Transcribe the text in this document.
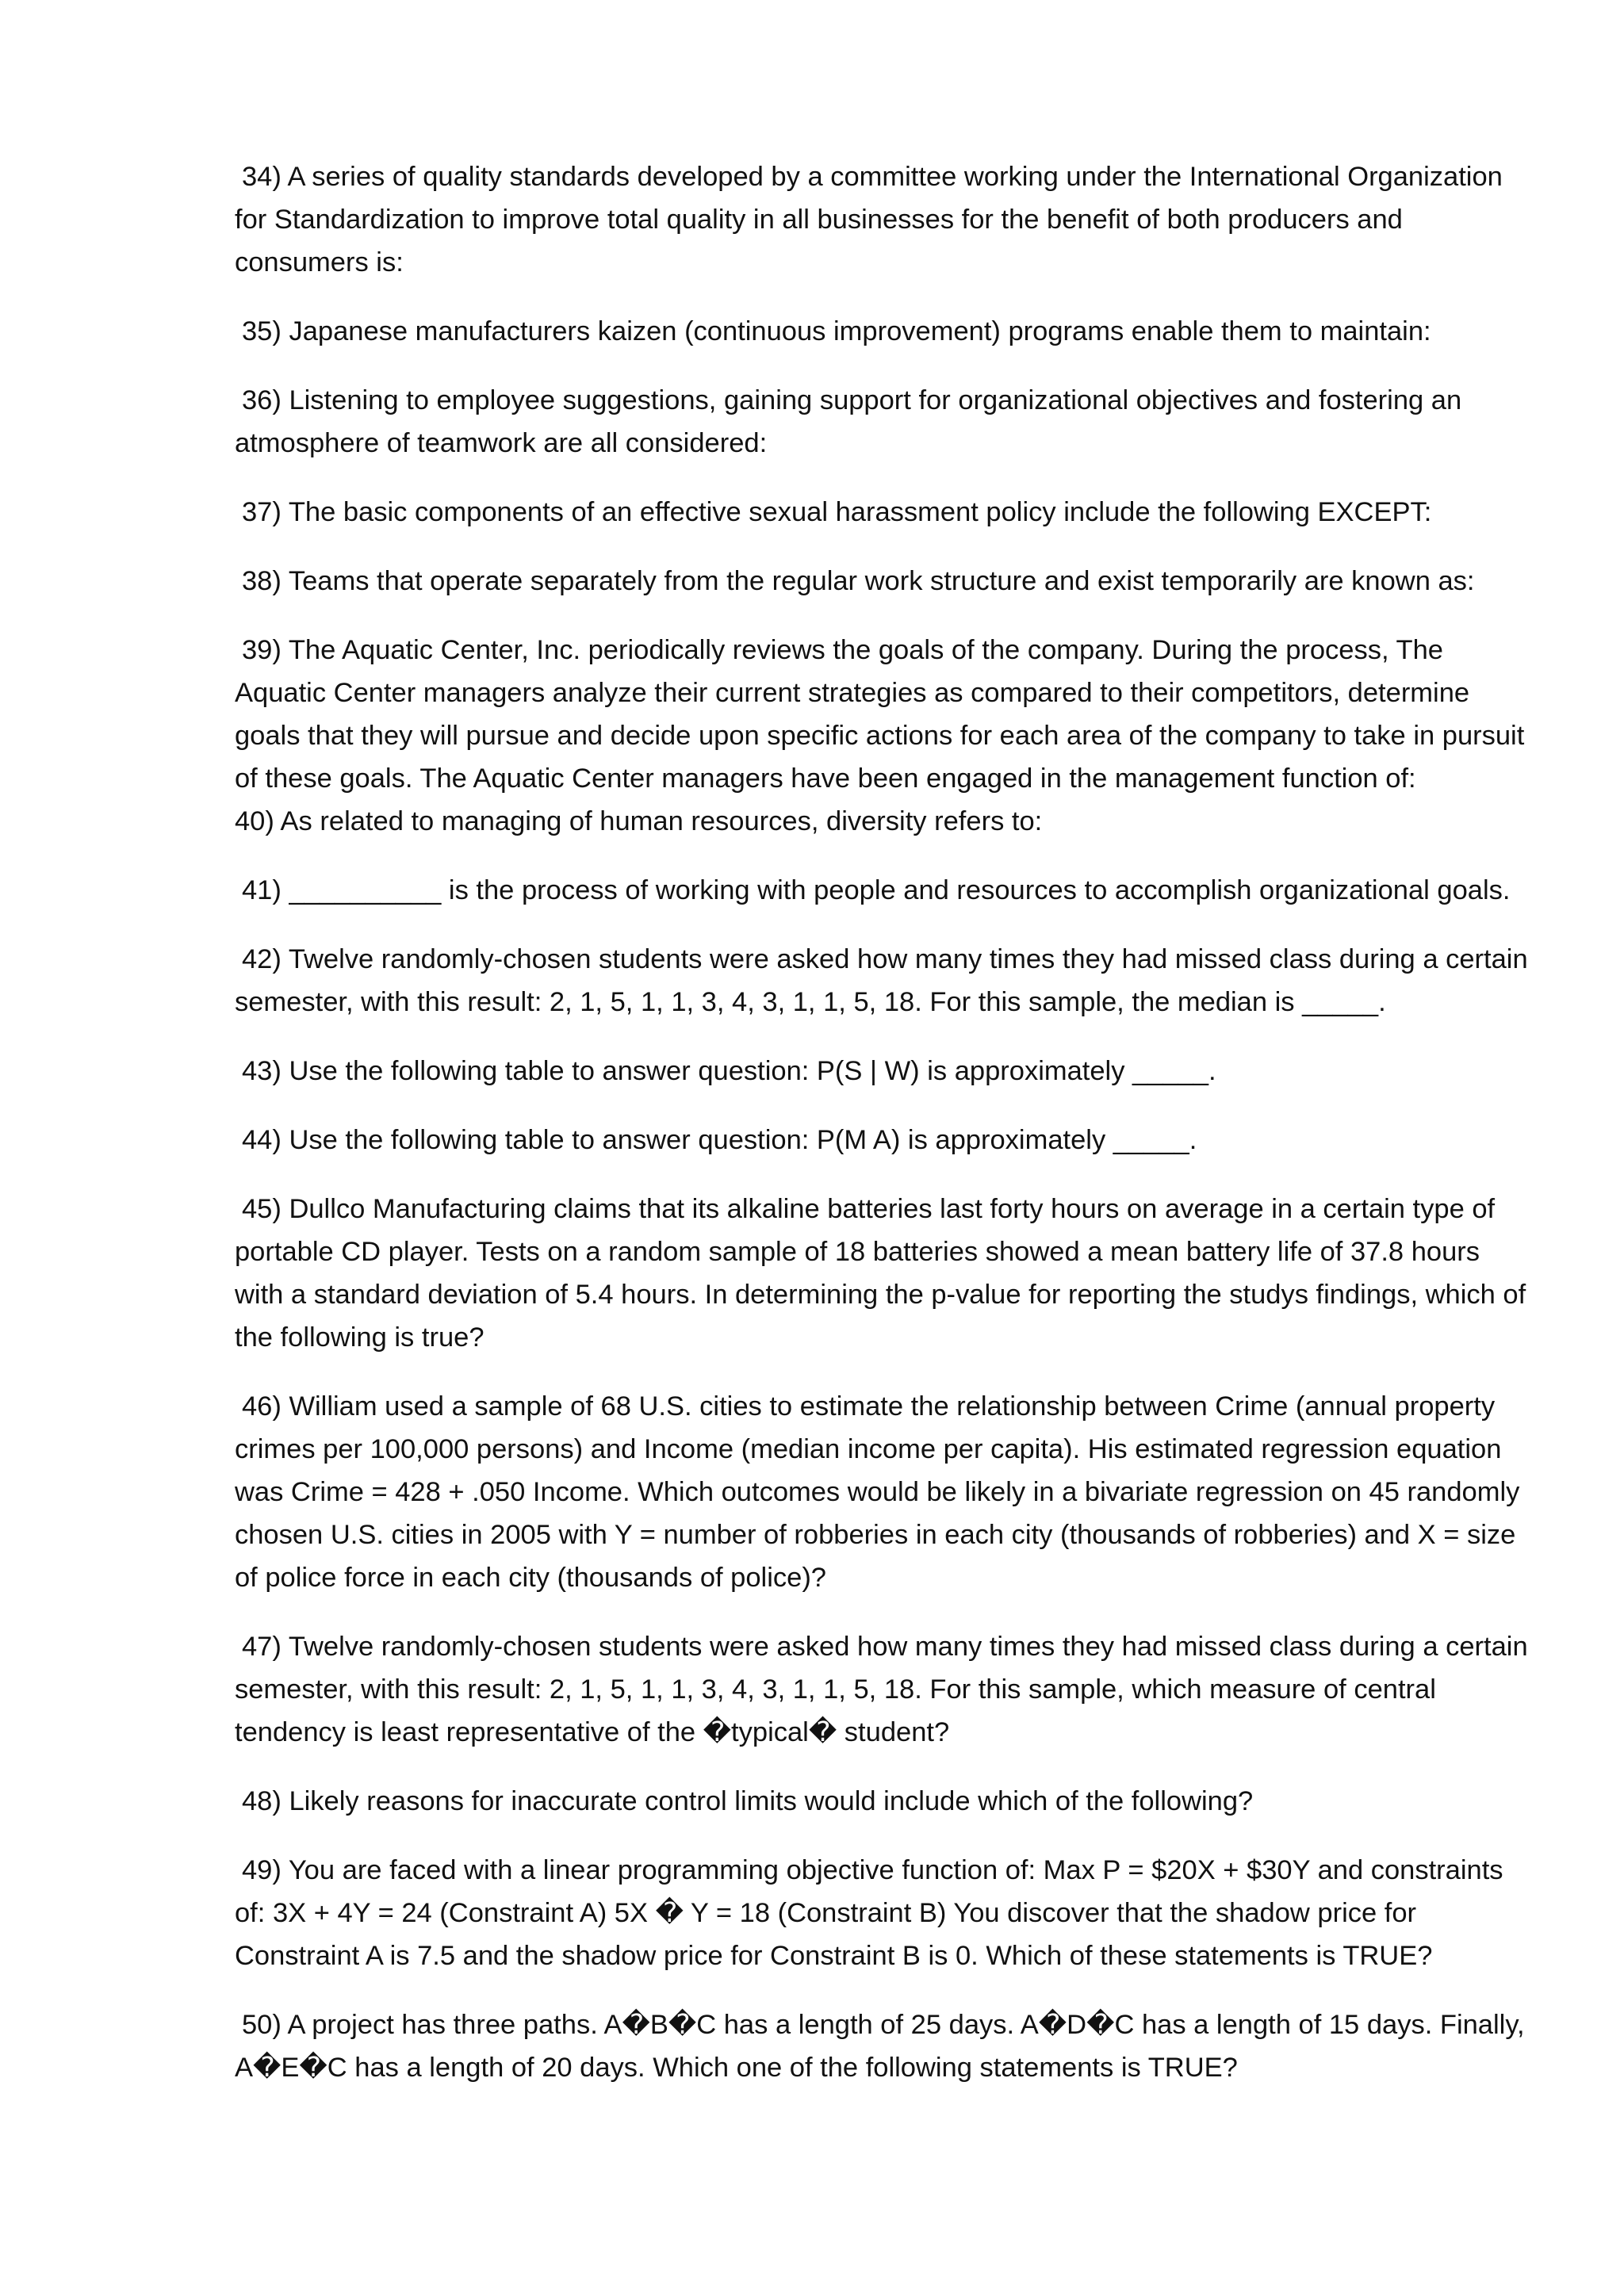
34) A series of quality standards developed by a committee working under the International Organization for Standardization to improve total quality in all businesses for the benefit of both producers and consumers is:

35) Japanese manufacturers kaizen (continuous improvement) programs enable them to maintain:

36) Listening to employee suggestions, gaining support for organizational objectives and fostering an atmosphere of teamwork are all considered:

37) The basic components of an effective sexual harassment policy include the following EXCEPT:

38) Teams that operate separately from the regular work structure and exist temporarily are known as:

39) The Aquatic Center, Inc. periodically reviews the goals of the company. During the process, The Aquatic Center managers analyze their current strategies as compared to their competitors, determine goals that they will pursue and decide upon specific actions for each area of the company to take in pursuit of these goals. The Aquatic Center managers have been engaged in the management function of:

40) As related to managing of human resources, diversity refers to:

41) __________ is the process of working with people and resources to accomplish organizational goals.

42) Twelve randomly-chosen students were asked how many times they had missed class during a certain semester, with this result: 2, 1, 5, 1, 1, 3, 4, 3, 1, 1, 5, 18. For this sample, the median is _____.

43) Use the following table to answer question: P(S | W) is approximately _____.

44) Use the following table to answer question: P(M A) is approximately _____.

45) Dullco Manufacturing claims that its alkaline batteries last forty hours on average in a certain type of portable CD player. Tests on a random sample of 18 batteries showed a mean battery life of 37.8 hours with a standard deviation of 5.4 hours. In determining the p-value for reporting the studys findings, which of the following is true?

46) William used a sample of 68 U.S. cities to estimate the relationship between Crime (annual property crimes per 100,000 persons) and Income (median income per capita). His estimated regression equation was Crime = 428 + .050 Income. Which outcomes would be likely in a bivariate regression on 45 randomly chosen U.S. cities in 2005 with Y = number of robberies in each city (thousands of robberies) and X = size of police force in each city (thousands of police)?

47) Twelve randomly-chosen students were asked how many times they had missed class during a certain semester, with this result: 2, 1, 5, 1, 1, 3, 4, 3, 1, 1, 5, 18. For this sample, which measure of central tendency is least representative of the �typical� student?

48) Likely reasons for inaccurate control limits would include which of the following?

49) You are faced with a linear programming objective function of: Max P = $20X + $30Y and constraints of: 3X + 4Y = 24 (Constraint A) 5X � Y = 18 (Constraint B) You discover that the shadow price for Constraint A is 7.5 and the shadow price for Constraint B is 0. Which of these statements is TRUE?

50) A project has three paths. A�B�C has a length of 25 days. A�D�C has a length of 15 days. Finally, A�E�C has a length of 20 days. Which one of the following statements is TRUE?
